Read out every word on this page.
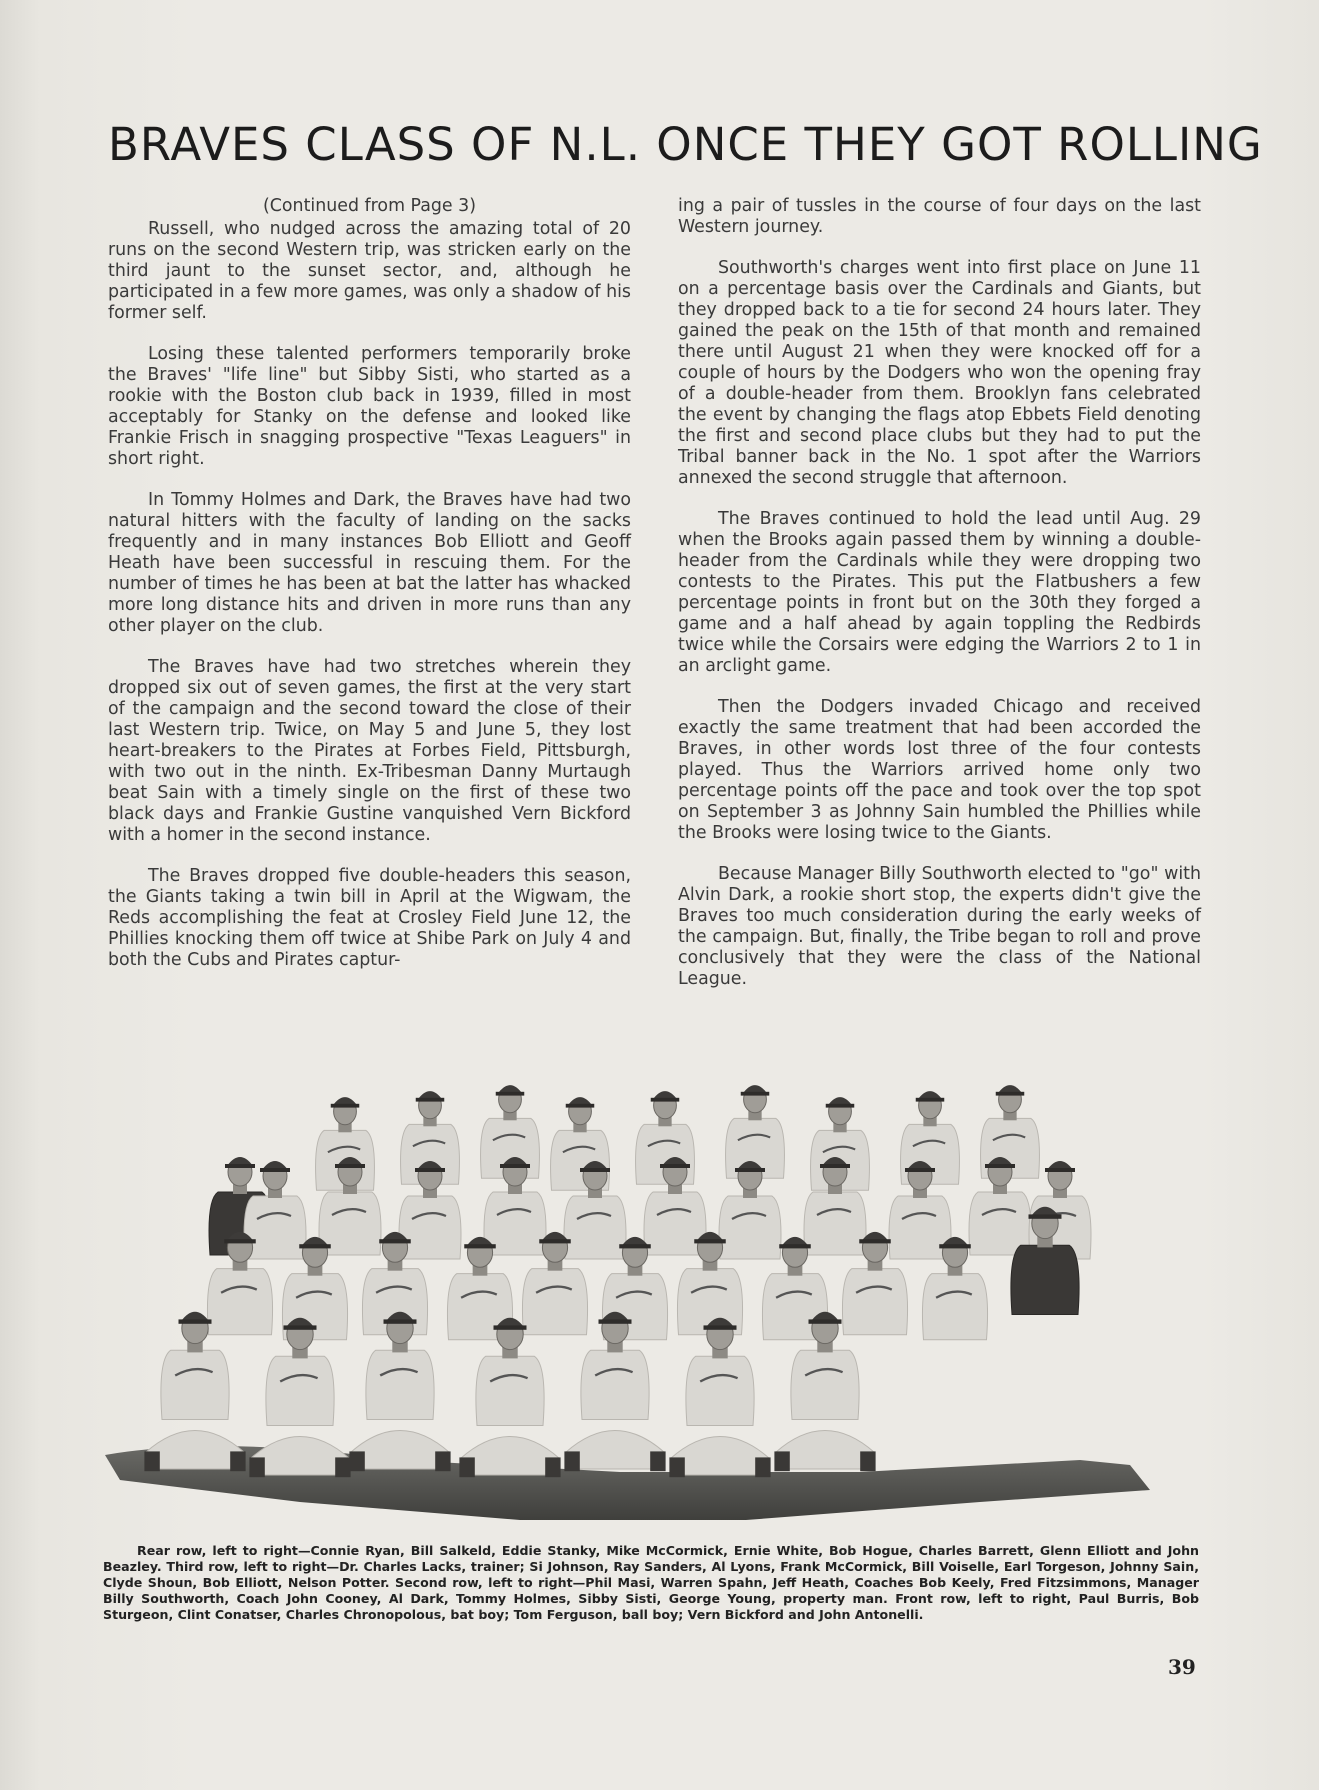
BRAVES CLASS OF N.L. ONCE THEY GOT ROLLING

(Continued from Page 3)

Russell, who nudged across the amazing total of 20 runs on the second Western trip, was stricken early on the third jaunt to the sunset sector, and, although he participated in a few more games, was only a shadow of his former self.

Losing these talented performers temporarily broke the Braves' "life line" but Sibby Sisti, who started as a rookie with the Boston club back in 1939, filled in most acceptably for Stanky on the defense and looked like Frankie Frisch in snagging prospective "Texas Leaguers" in short right.

In Tommy Holmes and Dark, the Braves have had two natural hitters with the faculty of landing on the sacks frequently and in many instances Bob Elliott and Geoff Heath have been successful in rescuing them. For the number of times he has been at bat the latter has whacked more long distance hits and driven in more runs than any other player on the club.

The Braves have had two stretches wherein they dropped six out of seven games, the first at the very start of the campaign and the second toward the close of their last Western trip. Twice, on May 5 and June 5, they lost heart-breakers to the Pirates at Forbes Field, Pittsburgh, with two out in the ninth. Ex-Tribesman Danny Murtaugh beat Sain with a timely single on the first of these two black days and Frankie Gustine vanquished Vern Bickford with a homer in the second instance.

The Braves dropped five double-headers this season, the Giants taking a twin bill in April at the Wigwam, the Reds accomplishing the feat at Crosley Field June 12, the Phillies knocking them off twice at Shibe Park on July 4 and both the Cubs and Pirates captur-

ing a pair of tussles in the course of four days on the last Western journey.

Southworth's charges went into first place on June 11 on a percentage basis over the Cardinals and Giants, but they dropped back to a tie for second 24 hours later. They gained the peak on the 15th of that month and remained there until August 21 when they were knocked off for a couple of hours by the Dodgers who won the opening fray of a double-header from them. Brooklyn fans celebrated the event by changing the flags atop Ebbets Field denoting the first and second place clubs but they had to put the Tribal banner back in the No. 1 spot after the Warriors annexed the second struggle that afternoon.

The Braves continued to hold the lead until Aug. 29 when the Brooks again passed them by winning a double-header from the Cardinals while they were dropping two contests to the Pirates. This put the Flatbushers a few percentage points in front but on the 30th they forged a game and a half ahead by again toppling the Redbirds twice while the Corsairs were edging the Warriors 2 to 1 in an arclight game.

Then the Dodgers invaded Chicago and received exactly the same treatment that had been accorded the Braves, in other words lost three of the four contests played. Thus the Warriors arrived home only two percentage points off the pace and took over the top spot on September 3 as Johnny Sain humbled the Phillies while the Brooks were losing twice to the Giants.

Because Manager Billy Southworth elected to "go" with Alvin Dark, a rookie short stop, the experts didn't give the Braves too much consideration during the early weeks of the campaign. But, finally, the Tribe began to roll and prove conclusively that they were the class of the National League.

Rear row, left to right—Connie Ryan, Bill Salkeld, Eddie Stanky, Mike McCormick, Ernie White, Bob Hogue, Charles Barrett, Glenn Elliott and John Beazley. Third row, left to right—Dr. Charles Lacks, trainer; Si Johnson, Ray Sanders, Al Lyons, Frank McCormick, Bill Voiselle, Earl Torgeson, Johnny Sain, Clyde Shoun, Bob Elliott, Nelson Potter. Second row, left to right—Phil Masi, Warren Spahn, Jeff Heath, Coaches Bob Keely, Fred Fitzsimmons, Manager Billy Southworth, Coach John Cooney, Al Dark, Tommy Holmes, Sibby Sisti, George Young, property man. Front row, left to right, Paul Burris, Bob Sturgeon, Clint Conatser, Charles Chronopolous, bat boy; Tom Ferguson, ball boy; Vern Bickford and John Antonelli.
39
